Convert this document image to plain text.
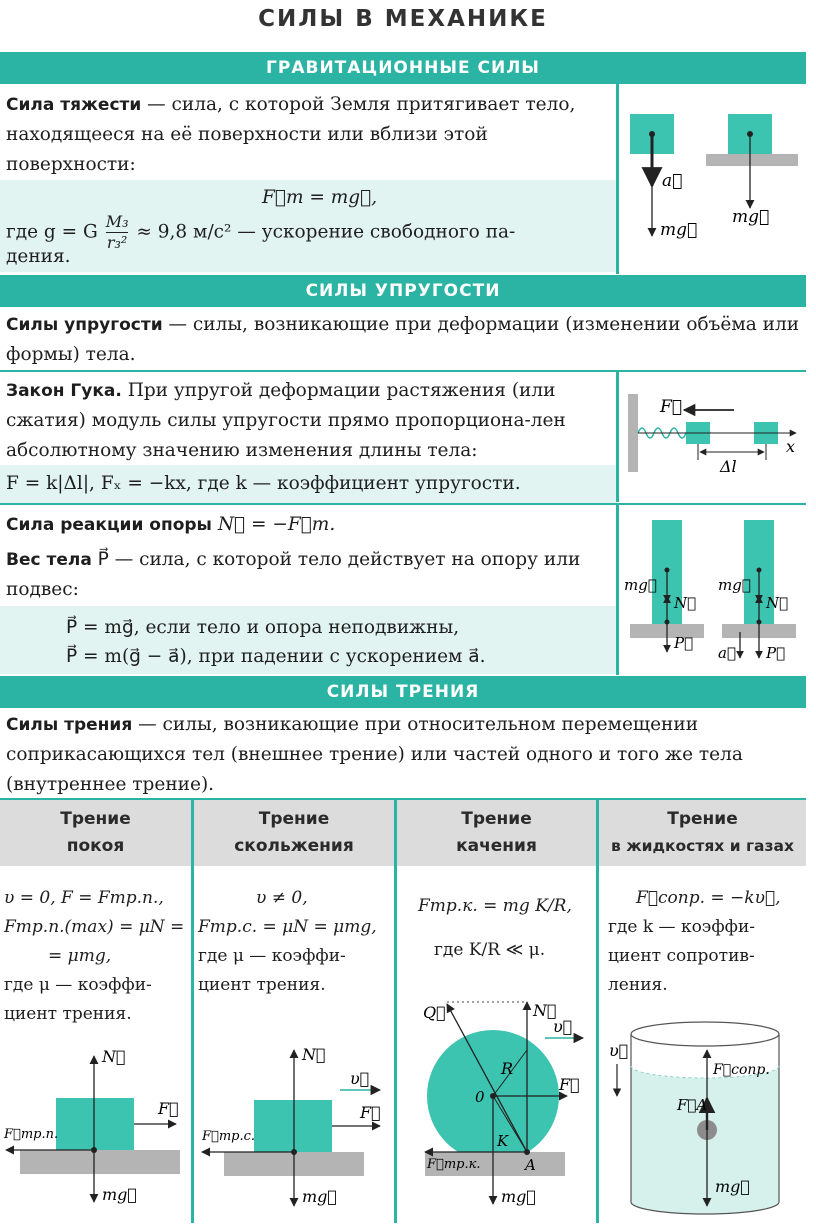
СИЛЫ В МЕХАНИКЕ
ГРАВИТАЦИОННЫЕ СИЛЫ
Сила тяжести — сила, с которой Земля притягивает тело, находящееся на её поверхности или вблизи этой поверхности:
F⃗т = mg⃗,
где g = G $\frac{\text{M₃}}{\text{r₃²}} \approx 9,8$ м/с² — ускорение свободного па-
дения.
a⃗
mg⃗
mg⃗
СИЛЫ УПРУГОСТИ
Силы упругости — силы, возникающие при деформации (изменении объёма или формы) тела.
Закон Гука. При упругой деформации растяжения (или сжатия) модуль силы упругости прямо пропорциона-лен абсолютному значению изменения длины тела:
F = k|Δl|, Fₓ = −kx, где k — коэффициент упругости.
F⃗
x
Δl
Сила реакции опоры N⃗ = −F⃗т.
Вес тела P⃗ — сила, с которой тело действует на опору или подвес:
P⃗ = mg⃗, если тело и опора неподвижны,
P⃗ = m(g⃗ − a⃗), при падении с ускорением a⃗.
mg⃗
N⃗
P⃗
mg⃗
N⃗
P⃗
a⃗
СИЛЫ ТРЕНИЯ
Силы трения — силы, возникающие при относительном перемещении соприкасающихся тел (внешнее трение) или частей одного и того же тела (внутреннее трение).
Трение
покоя
Трение
скольжения
Трение
качения
Трение
в жидкостях и газах
υ = 0, F = Fтр.п.,
Fтр.п.(max) = μN =
= μmg,
где μ — коэффи-
циент трения.
υ ≠ 0,
Fтр.с. = μN = μmg,
где μ — коэффи-
циент трения.
Fтр.к. = mg K/R,
где K/R ≪ μ.
F⃗сопр. = −kυ⃗,
где k — коэффи-
циент сопротив-
ления.
N⃗
F⃗
F⃗тр.п.
mg⃗
N⃗
υ⃗
F⃗
F⃗тр.с.
mg⃗
Q⃗	N⃗
υ⃗
R
0
F⃗
K
A
F⃗тр.к.
mg⃗
υ⃗
F⃗сопр.
F⃗A
mg⃗
